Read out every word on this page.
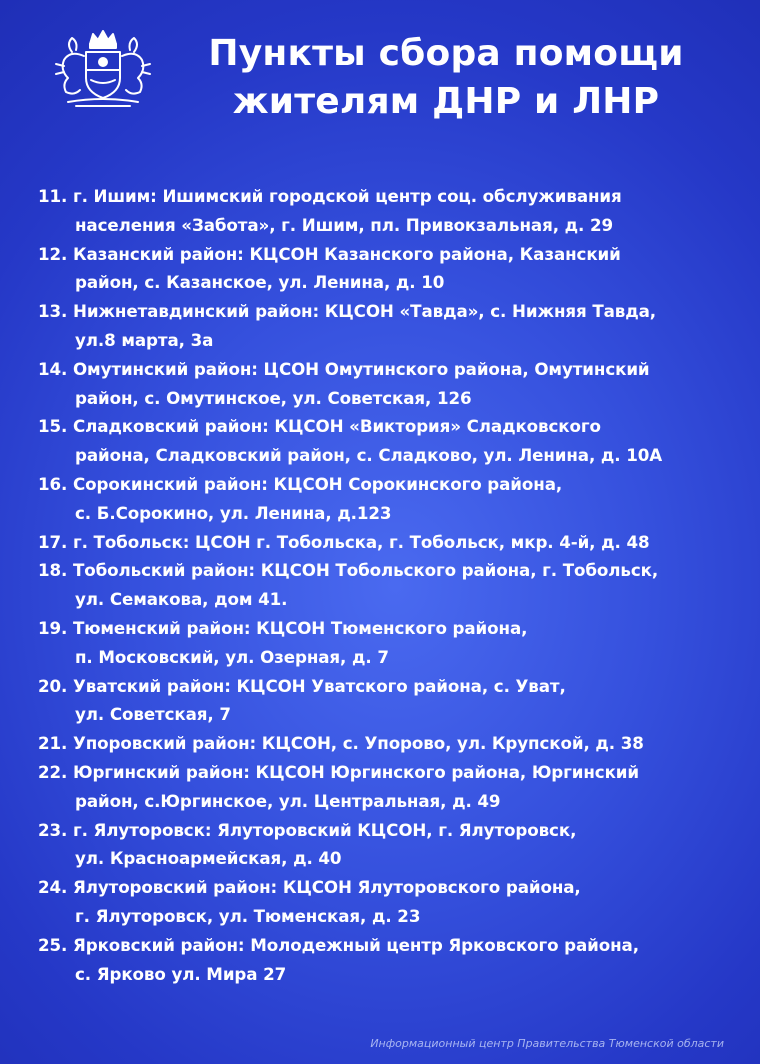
Пункты сбора помощи
жителям ДНР и ЛНР
11. г. Ишим: Ишимский городской центр соц. обслуживания
населения «Забота», г. Ишим, пл. Привокзальная, д. 29
12. Казанский район: КЦСОН Казанского района, Казанский
район, с. Казанское, ул. Ленина, д. 10
13. Нижнетавдинский район: КЦСОН «Тавда», с. Нижняя Тавда,
ул.8 марта, 3а
14. Омутинский район: ЦСОН Омутинского района, Омутинский
район, с. Омутинское, ул. Советская, 126
15. Сладковский район: КЦСОН «Виктория» Сладковского
района, Сладковский район, с. Сладково, ул. Ленина, д. 10А
16. Сорокинский район: КЦСОН Сорокинского района,
с. Б.Сорокино, ул. Ленина, д.123
17. г. Тобольск: ЦСОН г. Тобольска, г. Тобольск, мкр. 4-й, д. 48
18. Тобольский район: КЦСОН Тобольского района, г. Тобольск,
ул. Семакова, дом 41.
19. Тюменский район: КЦСОН Тюменского района,
п. Московский, ул. Озерная, д. 7
20. Уватский район: КЦСОН Уватского района, с. Уват,
ул. Советская, 7
21. Упоровский район: КЦСОН, с. Упорово, ул. Крупской, д. 38
22. Юргинский район: КЦСОН Юргинского района, Юргинский
район, с.Юргинское, ул. Центральная, д. 49
23. г. Ялуторовск: Ялуторовский КЦСОН, г. Ялуторовск,
ул. Красноармейская, д. 40
24. Ялуторовский район: КЦСОН Ялуторовского района,
г. Ялуторовск, ул. Тюменская, д. 23
25. Ярковский район: Молодежный центр Ярковского района,
с. Ярково ул. Мира 27
Информационный центр Правительства Тюменской области
